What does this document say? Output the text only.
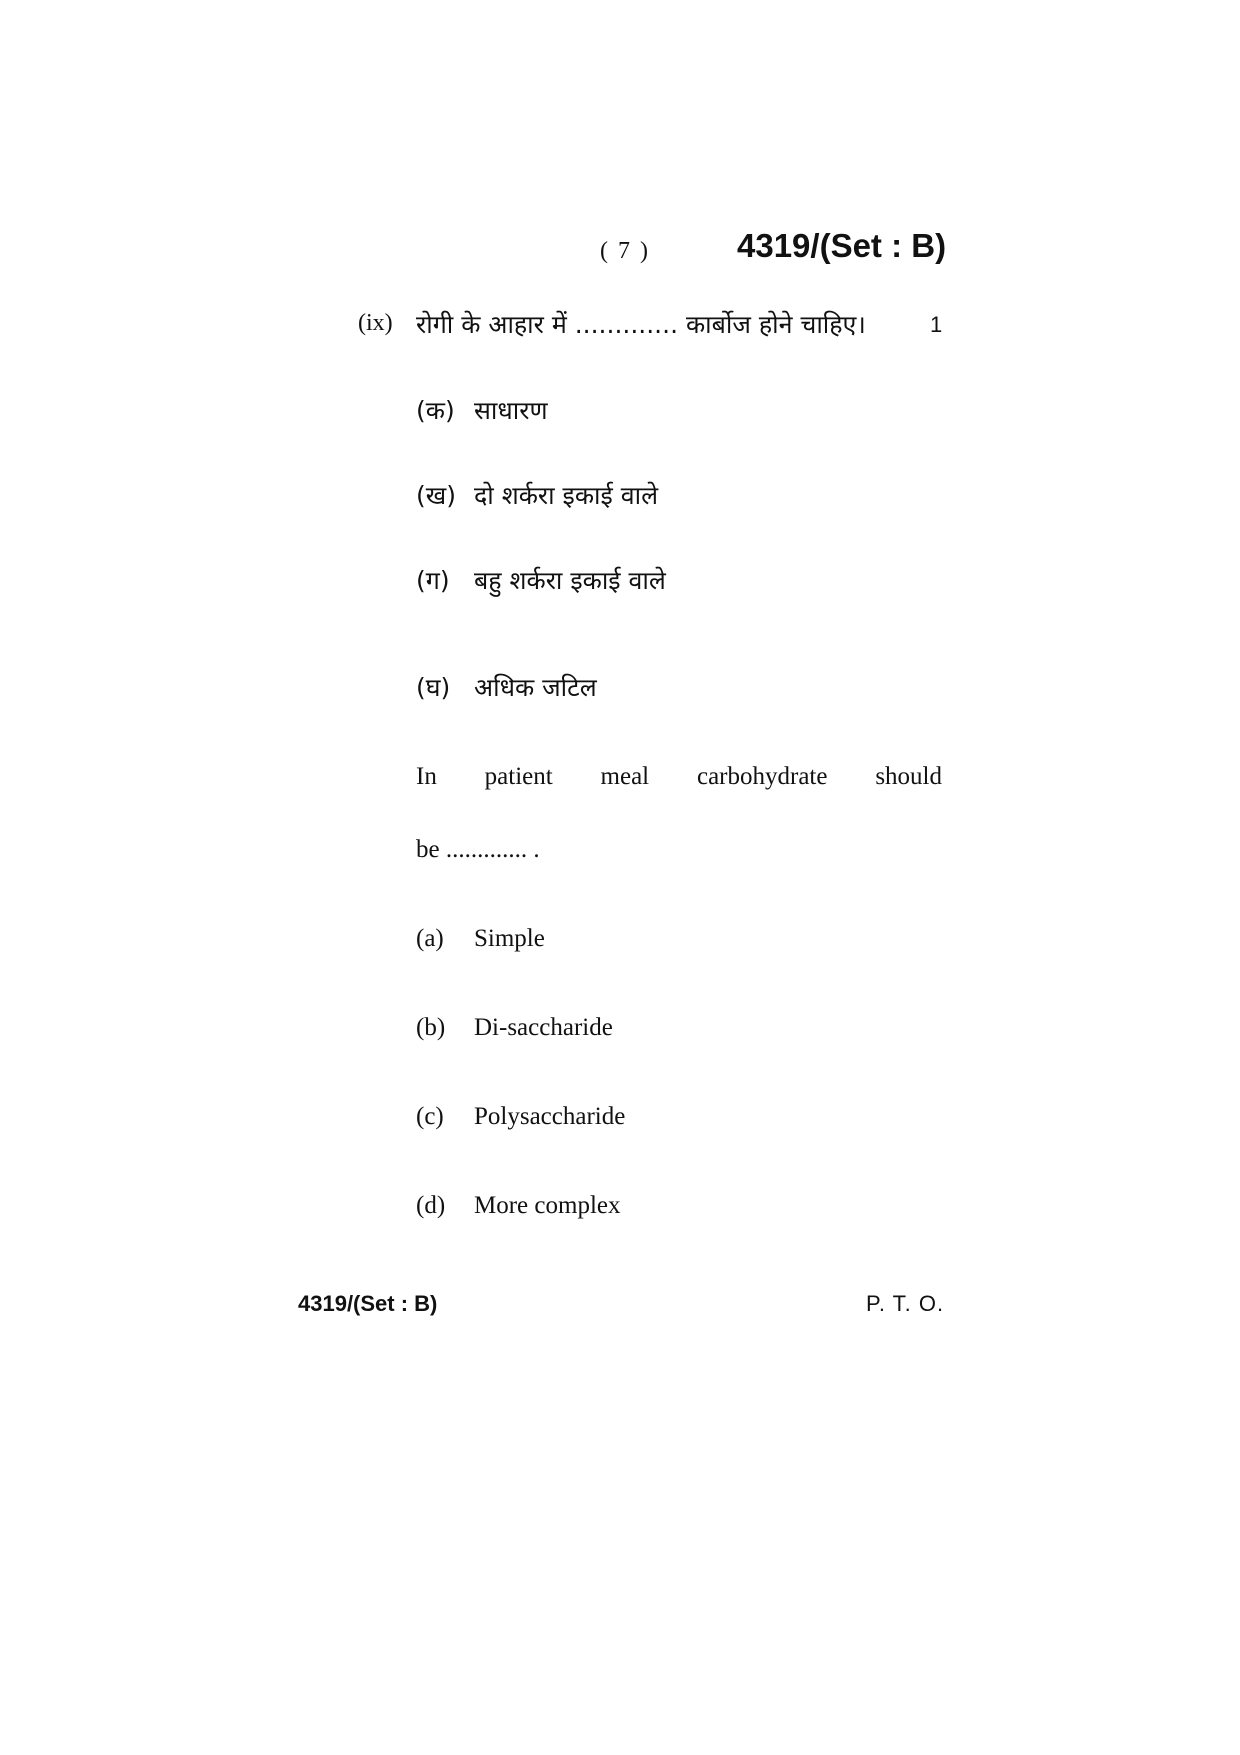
( 7 )	4319/(Set : B)
(ix) रोगी के आहार में ............. कार्बोज होने चाहिए।	1
(क) साधारण
(ख) दो शर्करा इकाई वाले
(ग) बहु शर्करा इकाई वाले
(घ) अधिक जटिल
In patient meal carbohydrate should
be ............. .
(a) Simple
(b) Di-saccharide
(c) Polysaccharide
(d) More complex
4319/(Set : B)	P. T. O.
